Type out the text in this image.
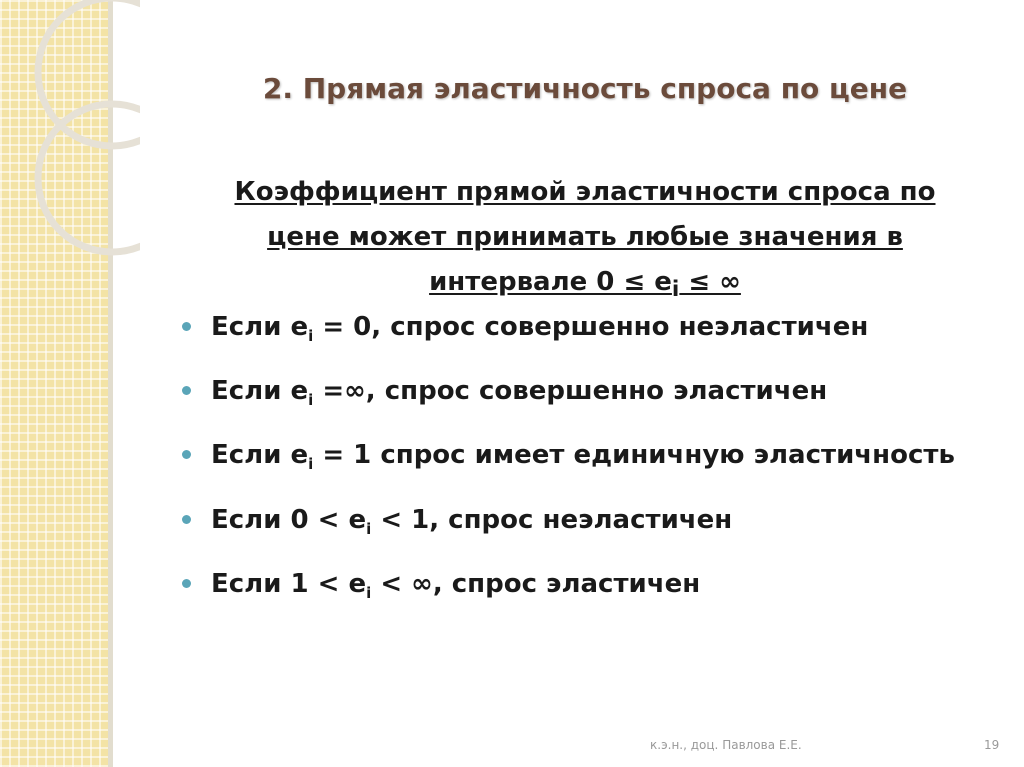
2. Прямая эластичность спроса по цене

Коэффициент прямой эластичности спроса по цене может принимать любые значения в интервале $0 \le e_i$ ≤ ∞

Если $e_i = 0$, спрос совершенно неэластичен
Если $e_i$ =∞, спрос совершенно эластичен
Если $e_i = 1$ спрос имеет единичную эластичность
Если $0 < e_i < 1$, спрос неэластичен
Если $1 < e_i$ < ∞, спрос эластичен

к.э.н., доц. Павлова Е.Е.	19
